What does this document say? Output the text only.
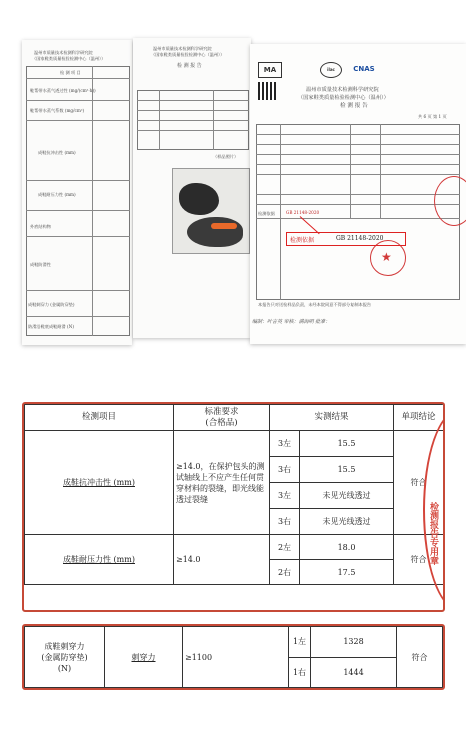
温州市质量技术检测科学研究院
（国家鞋类质量检验检测中心（温州））
检 测 项 目
鞋帮带水蒸气透过性 (mg/(cm²·h))
鞋帮带水蒸气系数 (mg/cm²)
成鞋抗冲击性 (mm)
成鞋耐压力性 (mm)
外底结构物
成鞋防滑性
成鞋刺穿力 (金属防穿垫)
防滑沿鞋底成鞋耐滑 (N)
温州市质量技术检测科学研究院
（国家鞋类质量检验检测中心（温州））
检 测 报 告
（样品照片）
MA	ilac	CNAS
温州市质量技术检测科学研究院
（国家鞋类质量检验检测中心（温州））
检 测 报 告
共 6 页 第 1 页
检测依据	GB 21148-2020
本报告只对送检样品负责，未经本院同意不得部分复制本报告
编制：叶言英 审核：满海明 批准：
★
检测依据	GB 21148-2020
检测项目	标准要求
(合格品)	实测结果		单项结论
成鞋抗冲击性 (mm)	≥14.0，在保护包头的测试轴线上不应产生任何贯穿材料的裂缝，即光线能透过裂缝	3左	15.5	符合
		3右	15.5	
		3左	未见光线透过	
		3右	未见光线透过	
成鞋耐压力性 (mm)	≥14.0	2左	18.0	符合
		2右	17.5	
检测报告专用章
成鞋刺穿力
(金属防穿垫)
(N)	刺穿力	≥1100	1左	1328	符合
			1右	1444	
